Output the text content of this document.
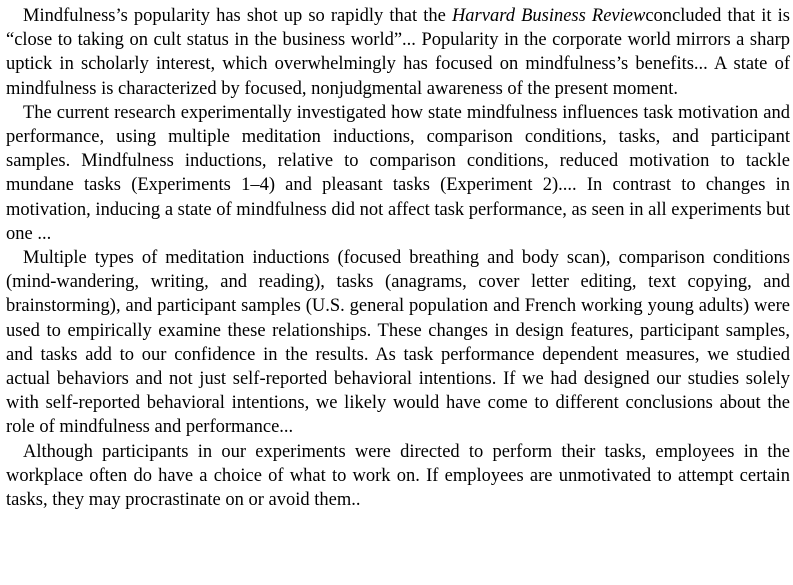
Mindfulness’s popularity has shot up so rapidly that the Harvard Business Reviewconcluded that it is “close to taking on cult status in the business world”... Popularity in the corporate world mirrors a sharp uptick in scholarly interest, which overwhelmingly has focused on mindfulness’s benefits... A state of mindfulness is characterized by focused, nonjudgmental awareness of the present moment.

The current research experimentally investigated how state mindfulness influences task motivation and performance, using multiple meditation inductions, comparison conditions, tasks, and participant samples. Mindfulness inductions, relative to comparison conditions, reduced motivation to tackle mundane tasks (Experiments 1–4) and pleasant tasks (Experiment 2).... In contrast to changes in motivation, inducing a state of mindfulness did not affect task performance, as seen in all experiments but one ...

Multiple types of meditation inductions (focused breathing and body scan), comparison conditions (mind-wandering, writing, and reading), tasks (anagrams, cover letter editing, text copying, and brainstorming), and participant samples (U.S. general population and French working young adults) were used to empirically examine these relationships. These changes in design features, participant samples, and tasks add to our confidence in the results. As task performance dependent measures, we studied actual behaviors and not just self-reported behavioral intentions. If we had designed our studies solely with self-reported behavioral intentions, we likely would have come to different conclusions about the role of mindfulness and performance...

Although participants in our experiments were directed to perform their tasks, employees in the workplace often do have a choice of what to work on. If employees are unmotivated to attempt certain tasks, they may procrastinate on or avoid them..
